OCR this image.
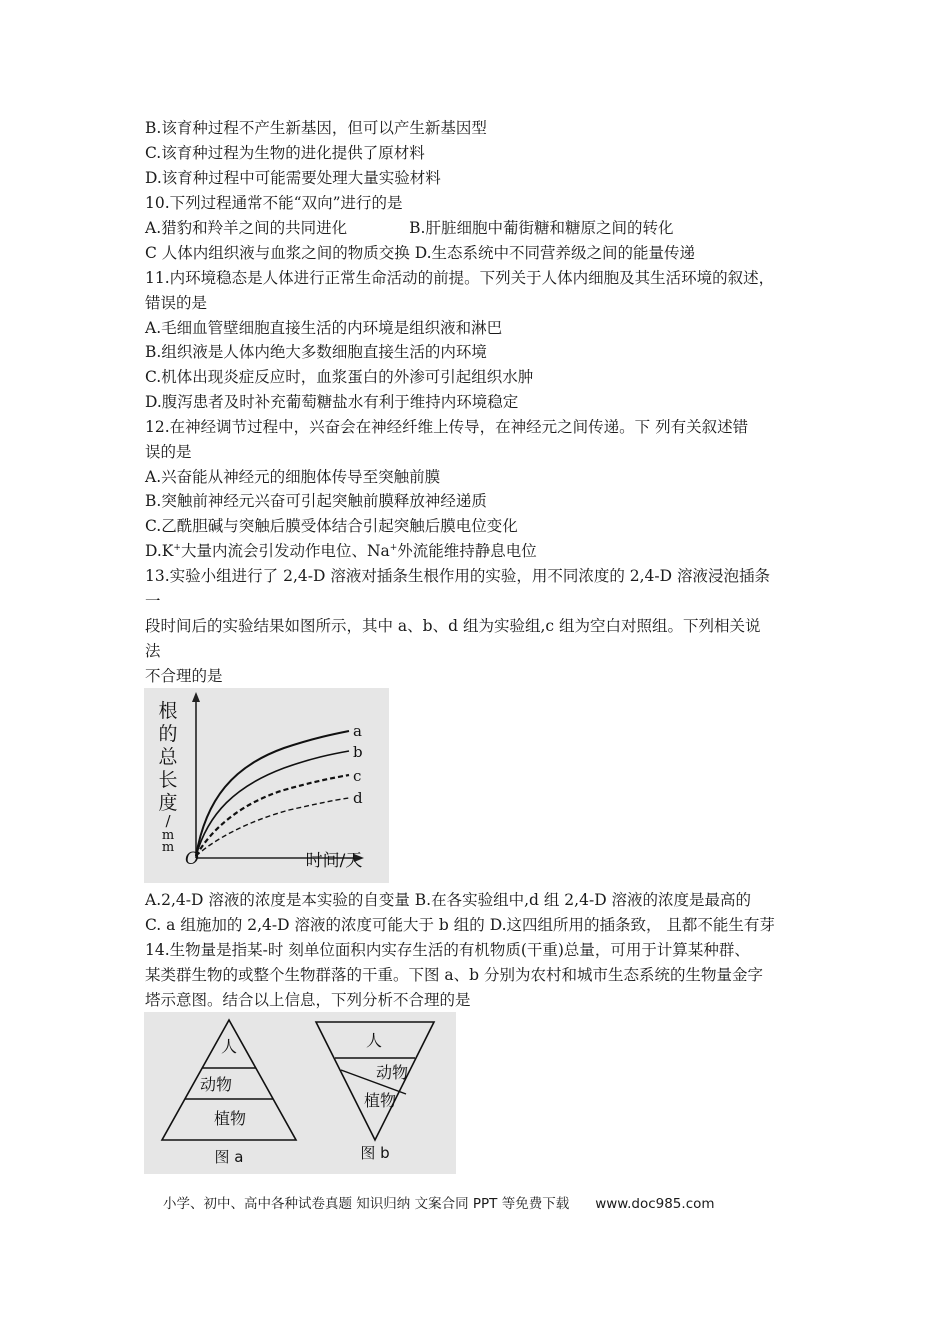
B.该育种过程不产生新基因，但可以产生新基因型
C.该育种过程为生物的进化提供了原材料
D.该育种过程中可能需要处理大量实验材料
10.下列过程通常不能“双向”进行的是
A.猎豹和羚羊之间的共同进化	B.肝脏细胞中葡街糖和糖原之间的转化
C 人体内组织液与血浆之间的物质交换 D.生态系统中不同营养级之间的能量传递
11.内环境稳态是人体进行正常生命活动的前提。下列关于人体内细胞及其生活环境的叙述，
错误的是
A.毛细血管壁细胞直接生活的内环境是组织液和淋巴
B.组织液是人体内绝大多数细胞直接生活的内环境
C.机体出现炎症反应时，血浆蛋白的外渗可引起组织水肿
D.腹泻患者及时补充葡萄糖盐水有利于维持内环境稳定
12.在神经调节过程中，兴奋会在神经纤维上传导，在神经元之间传递。下 列有关叙述错
误的是
A.兴奋能从神经元的细胞体传导至突触前膜
B.突触前神经元兴奋可引起突触前膜释放神经递质
C.乙酰胆碱与突触后膜受体结合引起突触后膜电位变化
D.K+大量内流会引发动作电位、Na+外流能维持静息电位
13.实验小组进行了 2,4-D 溶液对插条生根作用的实验，用不同浓度的 2,4-D 溶液浸泡插条
一
段时间后的实验结果如图所示，其中 a、b、d 组为实验组,c 组为空白对照组。下列相关说
法
不合理的是
根
的
总
长
度
/
m
m
O	时间/天
a
b
c
d
A.2,4-D 溶液的浓度是本实验的自变量 B.在各实验组中,d 组 2,4-D 溶液的浓度是最高的
C. a 组施加的 2,4-D 溶液的浓度可能大于 b 组的 D.这四组所用的插条致， 且都不能生有芽
14.生物量是指某-时 刻单位面积内实存生活的有机物质(干重)总量，可用于计算某种群、
某类群生物的或整个生物群落的干重。下图 a、b 分别为农村和城市生态系统的生物量金字
塔示意图。结合以上信息，下列分析不合理的是
人
动物
植物
图 a
人
动物
植物
图 b
小学、初中、高中各种试卷真题 知识归纳 文案合同 PPT 等免费下载 www.doc985.com
